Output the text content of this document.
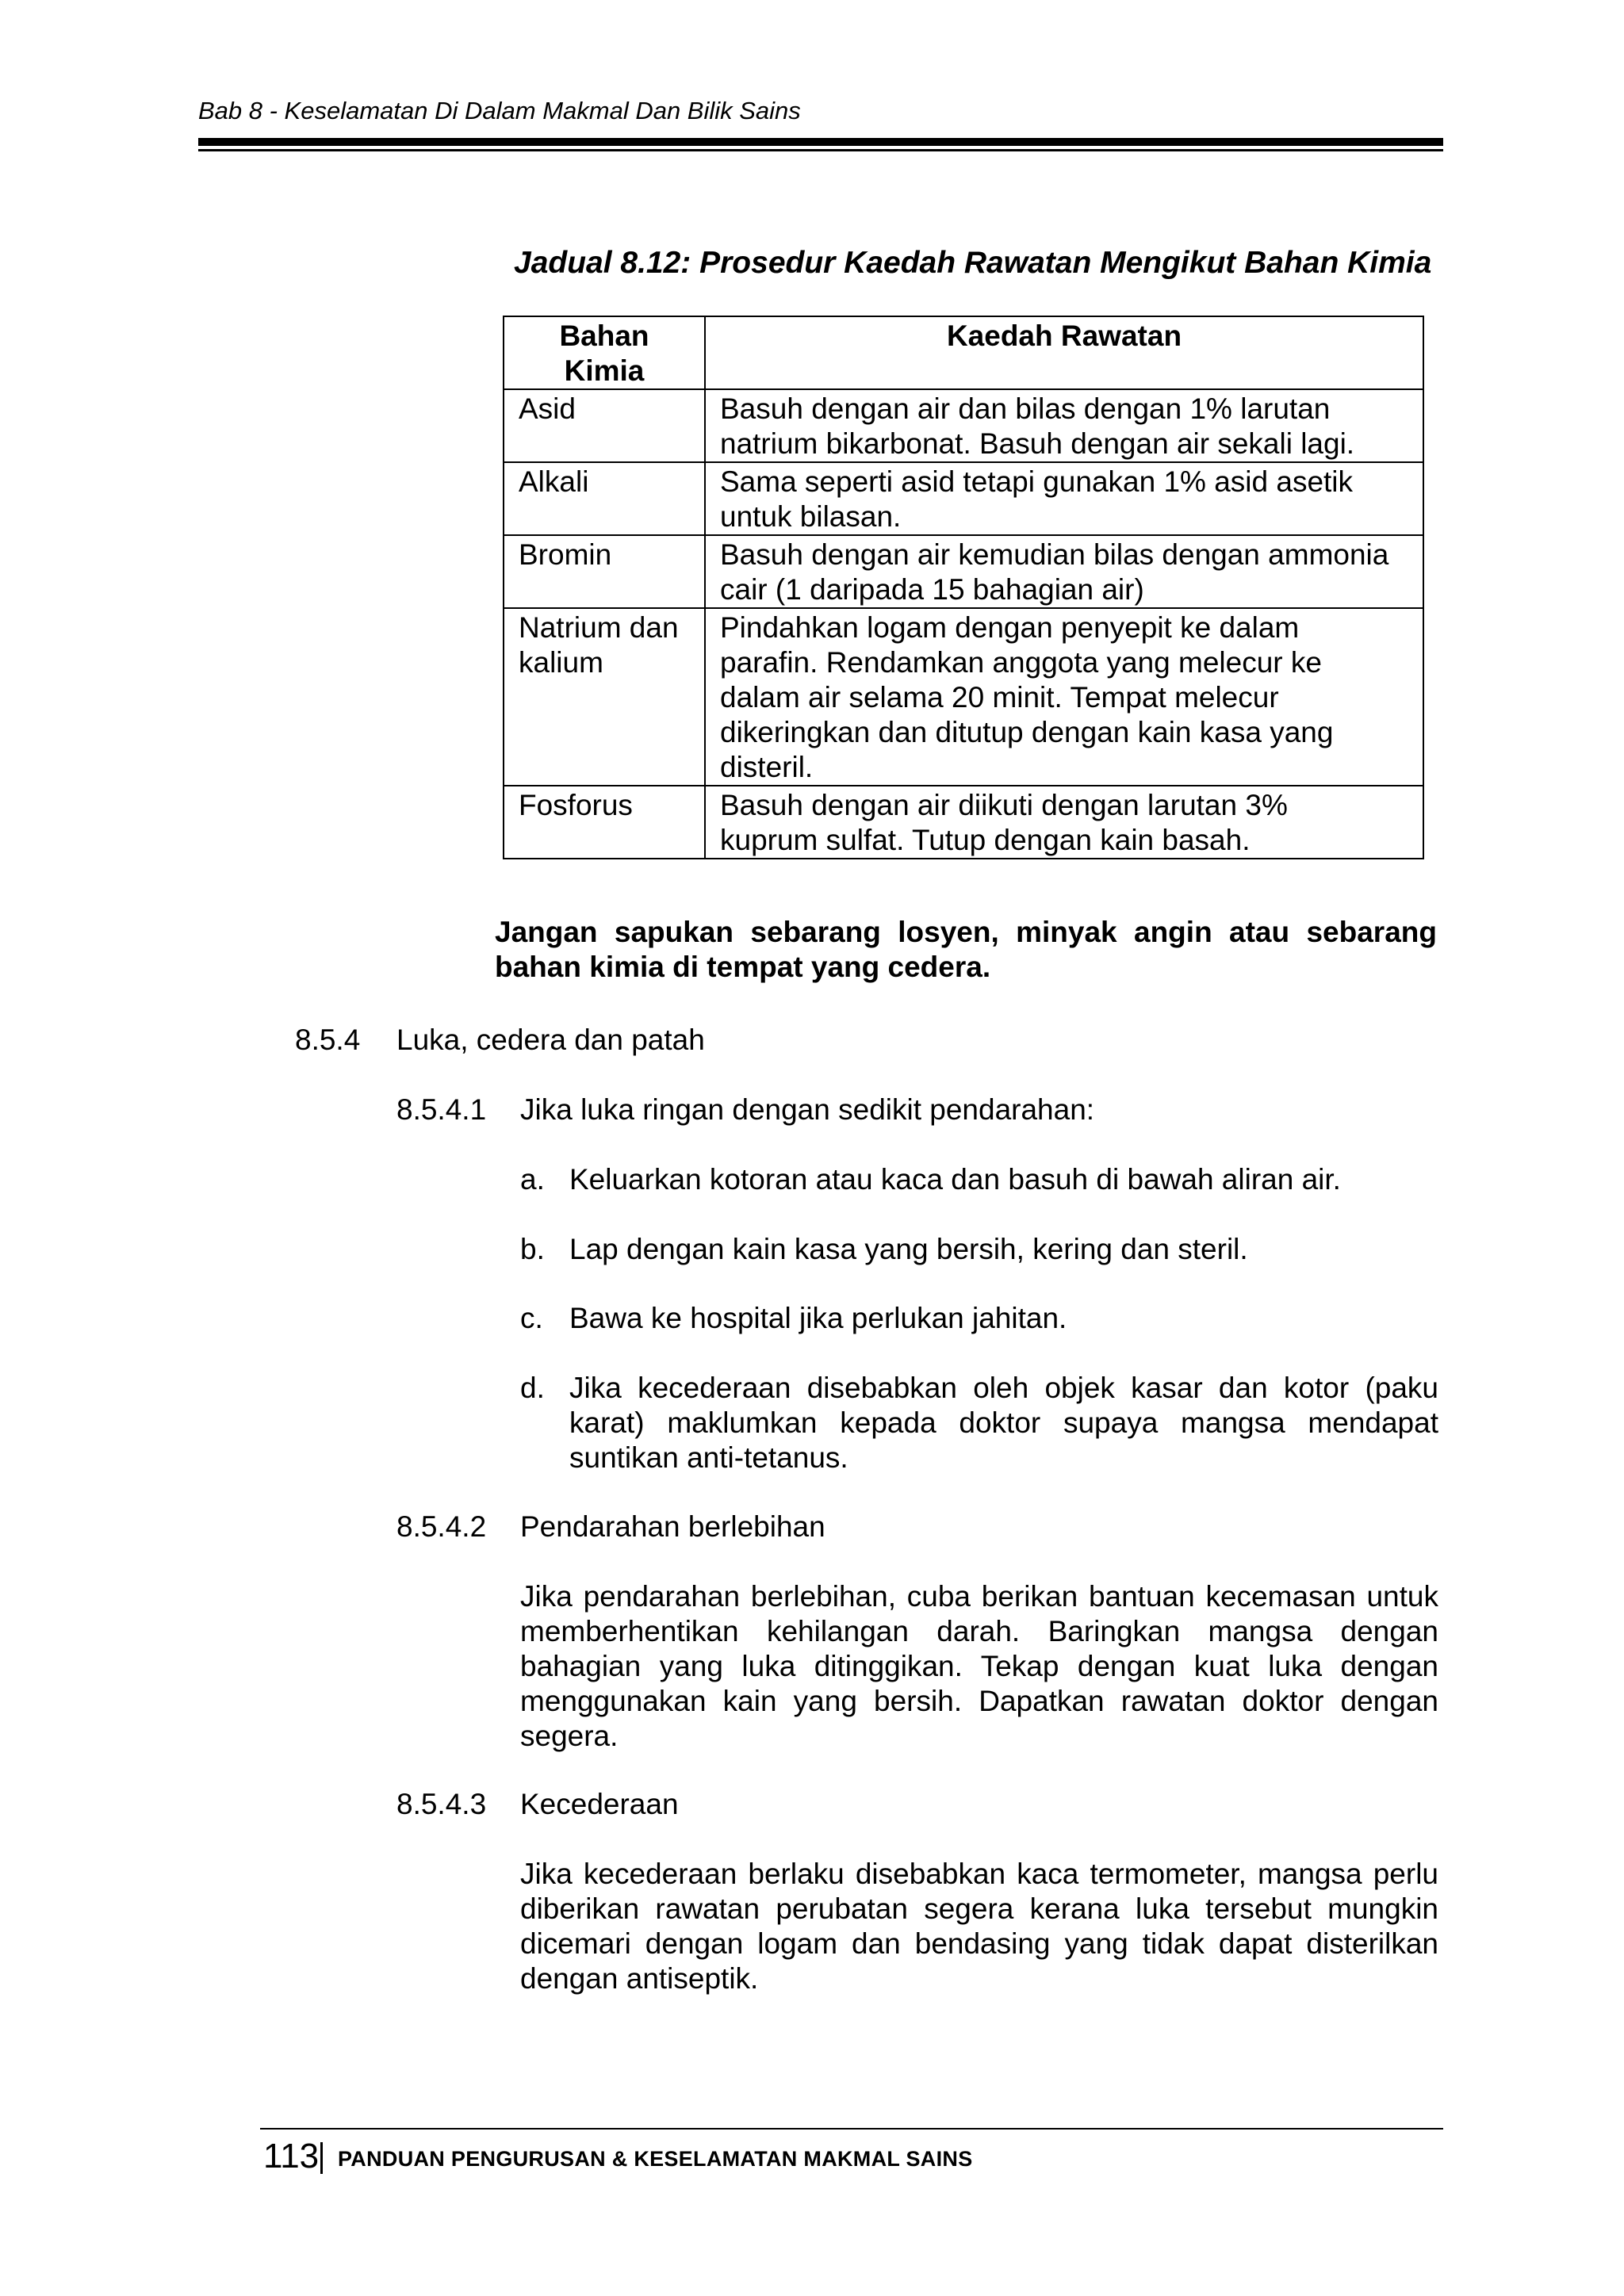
Bab 8 - Keselamatan Di Dalam Makmal Dan Bilik Sains
Jadual 8.12: Prosedur Kaedah Rawatan Mengikut Bahan Kimia
Bahan
Kimia	Kaedah Rawatan
Asid	Basuh dengan air dan bilas dengan 1% larutan
natrium bikarbonat. Basuh dengan air sekali lagi.
Alkali	Sama seperti asid tetapi gunakan 1% asid asetik
untuk bilasan.
Bromin	Basuh dengan air kemudian bilas dengan ammonia
cair (1 daripada 15 bahagian air)
Natrium dan
kalium	Pindahkan logam dengan penyepit ke dalam
parafin. Rendamkan anggota yang melecur ke
dalam air selama 20 minit. Tempat melecur
dikeringkan dan ditutup dengan kain kasa yang
disteril.
Fosforus	Basuh dengan air diikuti dengan larutan 3%
kuprum sulfat. Tutup dengan kain basah.
Jangan sapukan sebarang losyen, minyak angin atau sebarang bahan kimia di tempat yang cedera.
8.5.4 Luka, cedera dan patah
8.5.4.1 Jika luka ringan dengan sedikit pendarahan:
a. Keluarkan kotoran atau kaca dan basuh di bawah aliran air.
b. Lap dengan kain kasa yang bersih, kering dan steril.
c. Bawa ke hospital jika perlukan jahitan.
d. Jika kecederaan disebabkan oleh objek kasar dan kotor (paku karat) maklumkan kepada doktor supaya mangsa mendapat suntikan anti-tetanus.
8.5.4.2 Pendarahan berlebihan
Jika pendarahan berlebihan, cuba berikan bantuan kecemasan untuk memberhentikan kehilangan darah. Baringkan mangsa dengan bahagian yang luka ditinggikan. Tekap dengan kuat luka dengan menggunakan kain yang bersih. Dapatkan rawatan doktor dengan segera.
8.5.4.3 Kecederaan
Jika kecederaan berlaku disebabkan kaca termometer, mangsa perlu diberikan rawatan perubatan segera kerana luka tersebut mungkin dicemari dengan logam dan bendasing yang tidak dapat disterilkan dengan antiseptik.
113 PANDUAN PENGURUSAN & KESELAMATAN MAKMAL SAINS
